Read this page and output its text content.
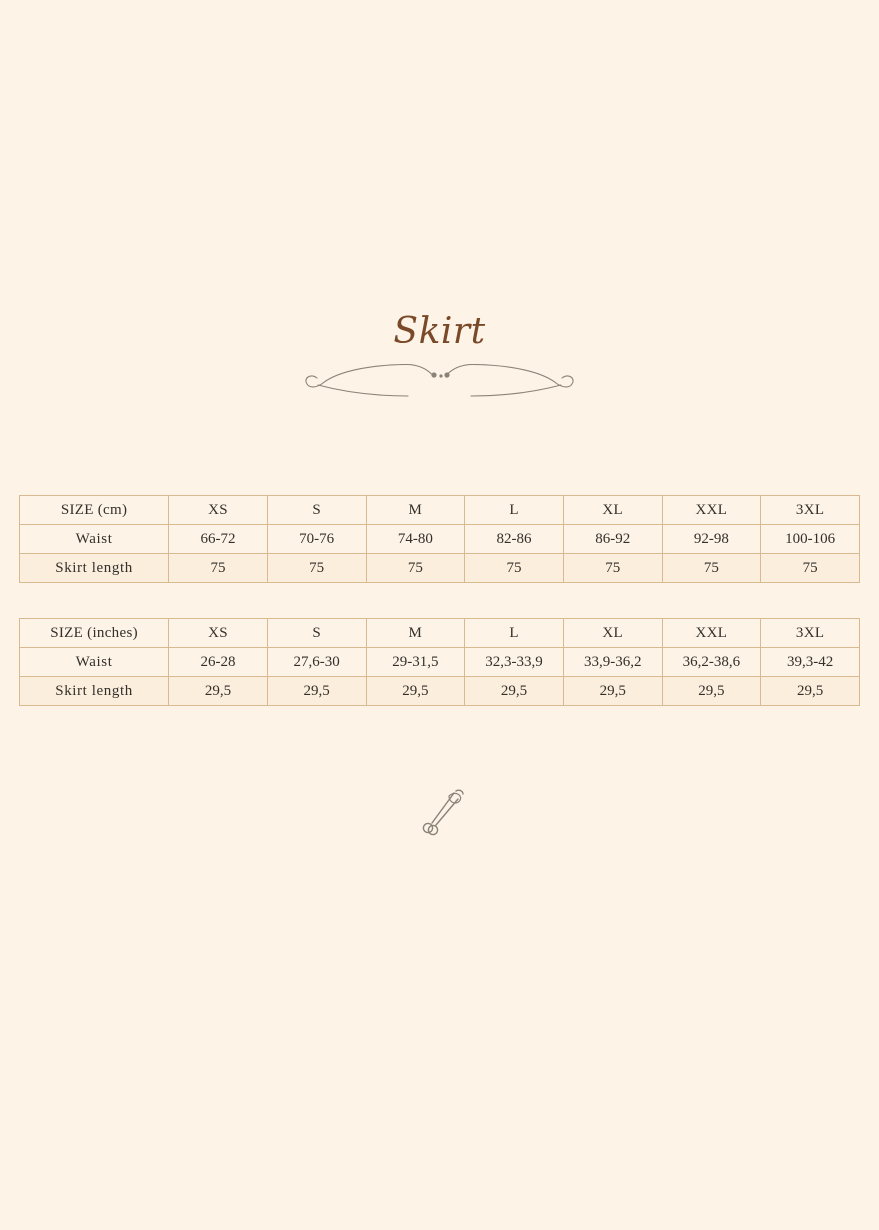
Skirt
SIZE (cm)	XS	S	M	L	XL	XXL	3XL
Waist	66-72	70-76	74-80	82-86	86-92	92-98	100-106
Skirt length	75	75	75	75	75	75	75
SIZE (inches)	XS	S	M	L	XL	XXL	3XL
Waist	26-28	27,6-30	29-31,5	32,3-33,9	33,9-36,2	36,2-38,6	39,3-42
Skirt length	29,5	29,5	29,5	29,5	29,5	29,5	29,5
